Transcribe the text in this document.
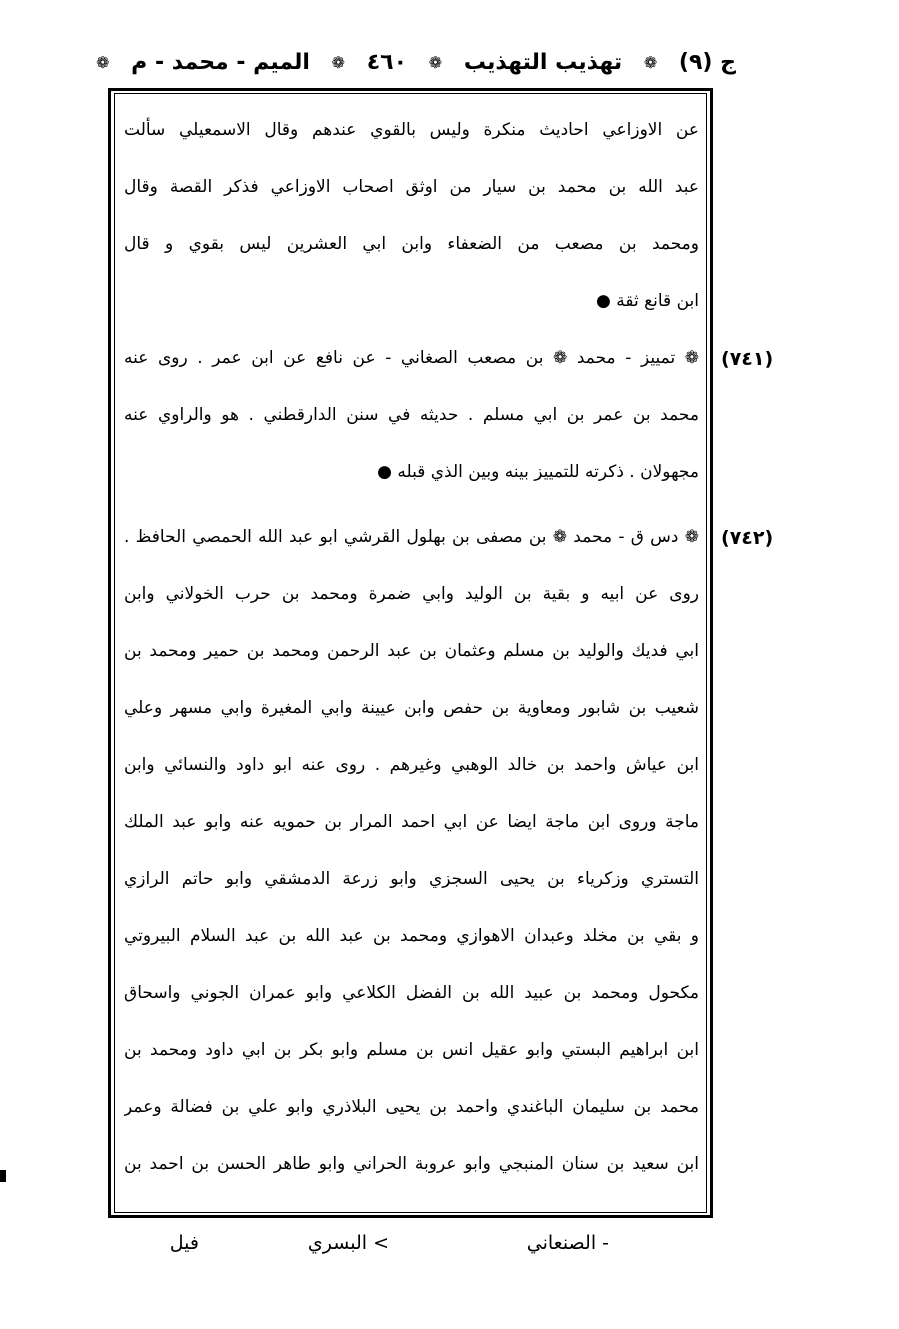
ج (٩)
❁
تهذيب التهذيب
❁
٤٦٠
❁
الميم - محمد - م
❁
عن الاوزاعي احاديث منكرة وليس بالقوي عندهم وقال الاسمعيلي سألت
عبد الله بن محمد بن سيار من اوثق اصحاب الاوزاعي فذكر القصة وقال
ومحمد بن مصعب من الضعفاء وابن ابي العشرين ليس بقوي و قال
ابن قانع ثقة ●
(٧٤١)
❁ تمييز - محمد ❁ بن مصعب الصغاني - عن نافع عن ابن عمر . روى عنه
محمد بن عمر بن ابي مسلم . حديثه في سنن الدارقطني . هو والراوي عنه
مجهولان . ذكرته للتمييز بينه وبين الذي قبله ●
(٧٤٢)
❁ دس ق - محمد ❁ بن مصفى بن بهلول القرشي ابو عبد الله الحمصي الحافظ .
روى عن ابيه و بقية بن الوليد وابي ضمرة ومحمد بن حرب الخولاني وابن
ابي فديك والوليد بن مسلم وعثمان بن عبد الرحمن ومحمد بن حمير ومحمد بن
شعيب بن شابور ومعاوية بن حفص وابن عيينة وابي المغيرة وابي مسهر وعلي
ابن عياش واحمد بن خالد الوهبي وغيرهم . روى عنه ابو داود والنسائي وابن
ماجة وروى ابن ماجة ايضا عن ابي احمد المرار بن حمويه عنه وابو عبد الملك
التستري وزكرياء بن يحيى السجزي وابو زرعة الدمشقي وابو حاتم الرازي
و بقي بن مخلد وعبدان الاهوازي ومحمد بن عبد الله بن عبد السلام البيروتي
مكحول ومحمد بن عبيد الله بن الفضل الكلاعي وابو عمران الجوني واسحاق
ابن ابراهيم البستي وابو عقيل انس بن مسلم وابو بكر بن ابي داود ومحمد بن
محمد بن سليمان الباغندي واحمد بن يحيى البلاذري وابو علي بن فضالة وعمر
ابن سعيد بن سنان المنبجي وابو عروبة الحراني وابو طاهر الحسن بن احمد بن
- الصنعاني
> البسري
فيل
